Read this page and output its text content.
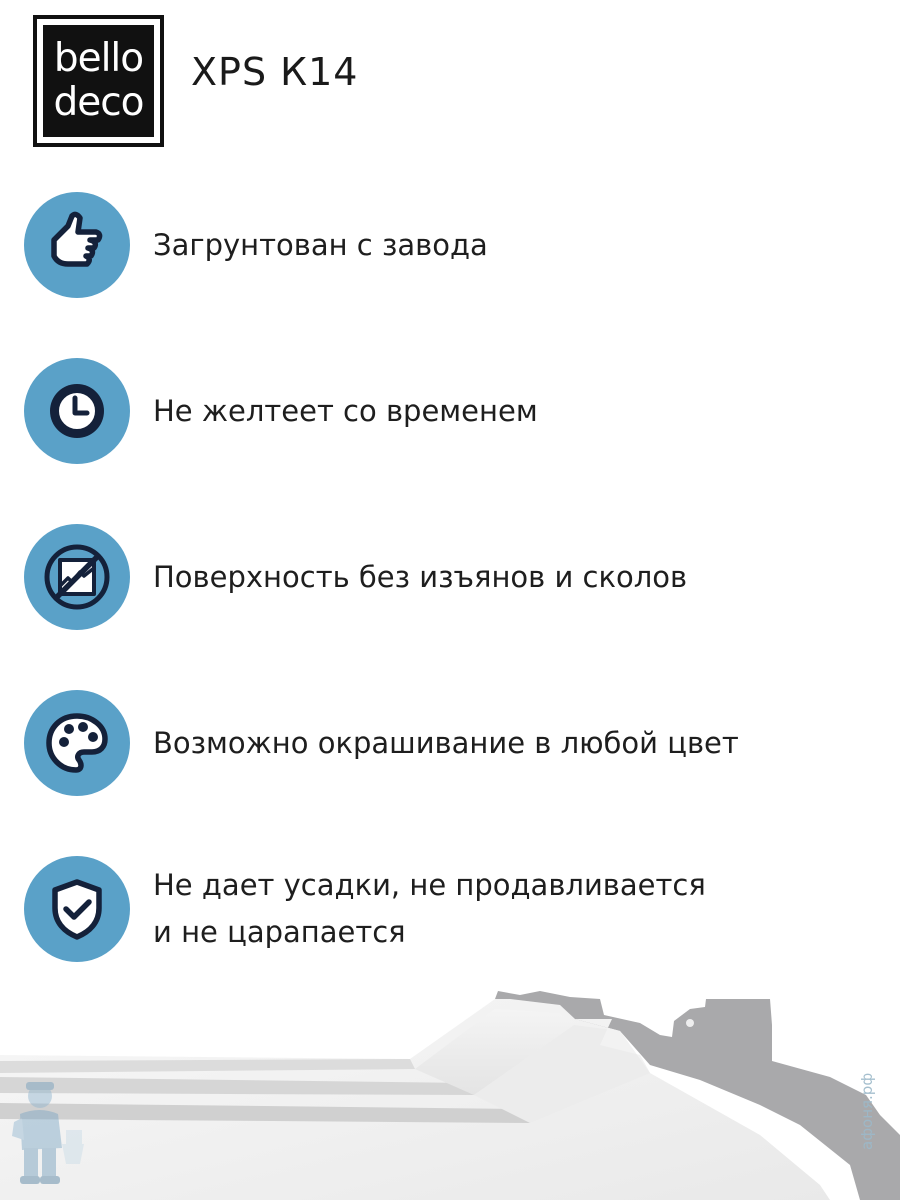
bello
deco
XPS К14
Загрунтован с завода
Не желтеет со временем
Поверхность без изъянов и сколов
Возможно окрашивание в любой цвет
Не дает усадки, не продавливается
и не царапается
афоня.рф
